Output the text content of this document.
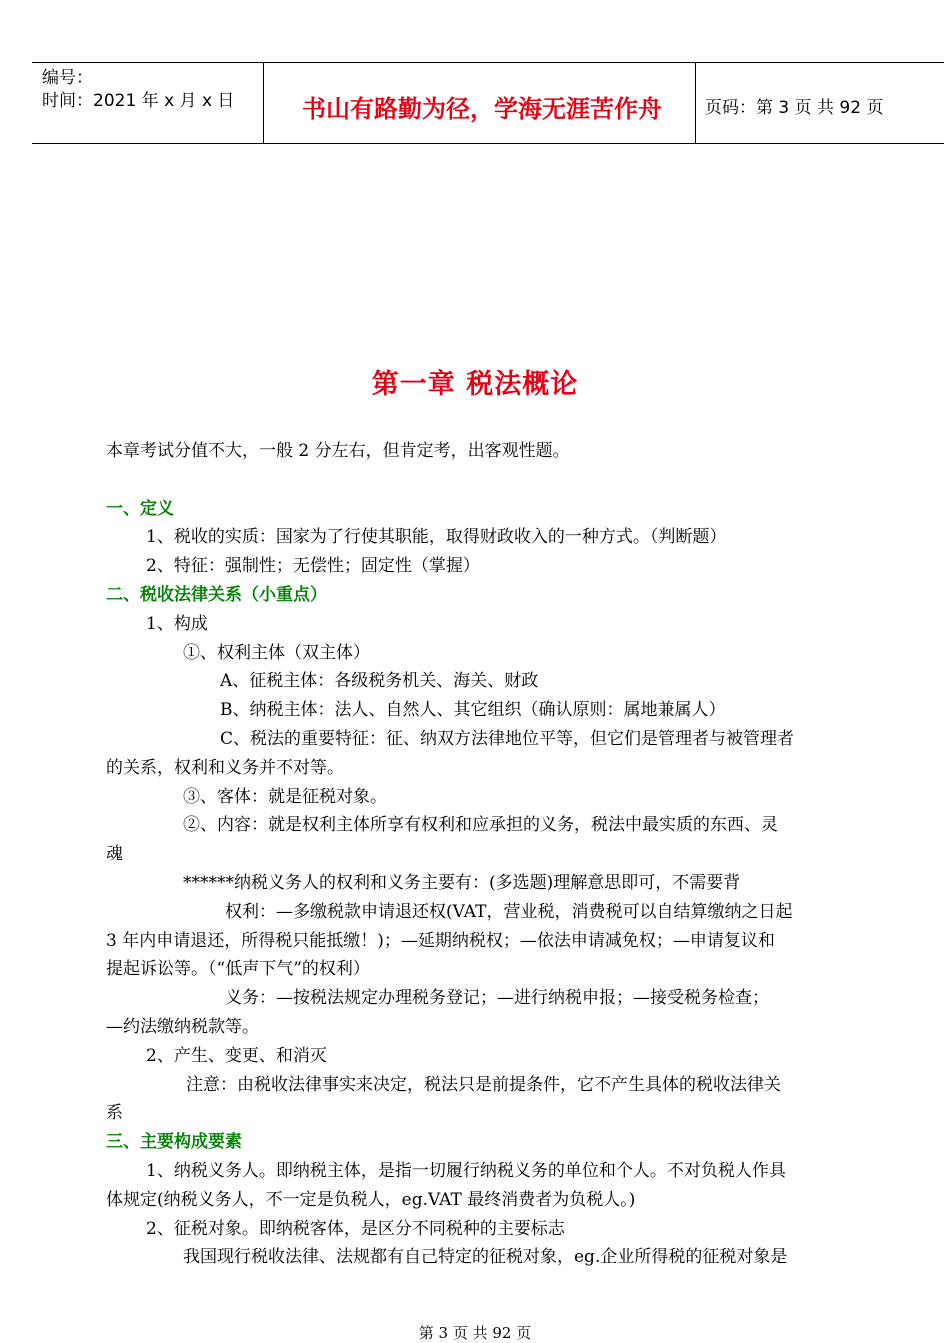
编号：
时间：2021 年 x 月 x 日	书山有路勤为径，学海无涯苦作舟	页码：第 3 页 共 92 页
第一章 税法概论
本章考试分值不大，一般 2 分左右，但肯定考，出客观性题。
一、定义
1、税收的实质：国家为了行使其职能，取得财政收入的一种方式。（判断题）
2、特征：强制性；无偿性；固定性（掌握）
二、税收法律关系（小重点）
1、构成
①、权利主体（双主体）
A、征税主体：各级税务机关、海关、财政
B、纳税主体：法人、自然人、其它组织（确认原则：属地兼属人）
C、税法的重要特征：征、纳双方法律地位平等，但它们是管理者与被管理者
的关系，权利和义务并不对等。
③、客体：就是征税对象。
②、内容：就是权利主体所享有权利和应承担的义务，税法中最实质的东西、灵
魂
******纳税义务人的权利和义务主要有：(多选题)理解意思即可，不需要背
权利：—多缴税款申请退还权(VAT，营业税，消费税可以自结算缴纳之日起
3 年内申请退还，所得税只能抵缴！)；—延期纳税权；—依法申请减免权；—申请复议和
提起诉讼等。（“低声下气”的权利）
义务：—按税法规定办理税务登记；—进行纳税申报；—接受税务检查；
—约法缴纳税款等。
2、产生、变更、和消灭
注意：由税收法律事实来决定，税法只是前提条件，它不产生具体的税收法律关
系
三、主要构成要素
1、纳税义务人。即纳税主体，是指一切履行纳税义务的单位和个人。不对负税人作具
体规定(纳税义务人，不一定是负税人，eg.VAT 最终消费者为负税人。)
2、征税对象。即纳税客体，是区分不同税种的主要标志
我国现行税收法律、法规都有自己特定的征税对象，eg.企业所得税的征税对象是
第 3 页 共 92 页
